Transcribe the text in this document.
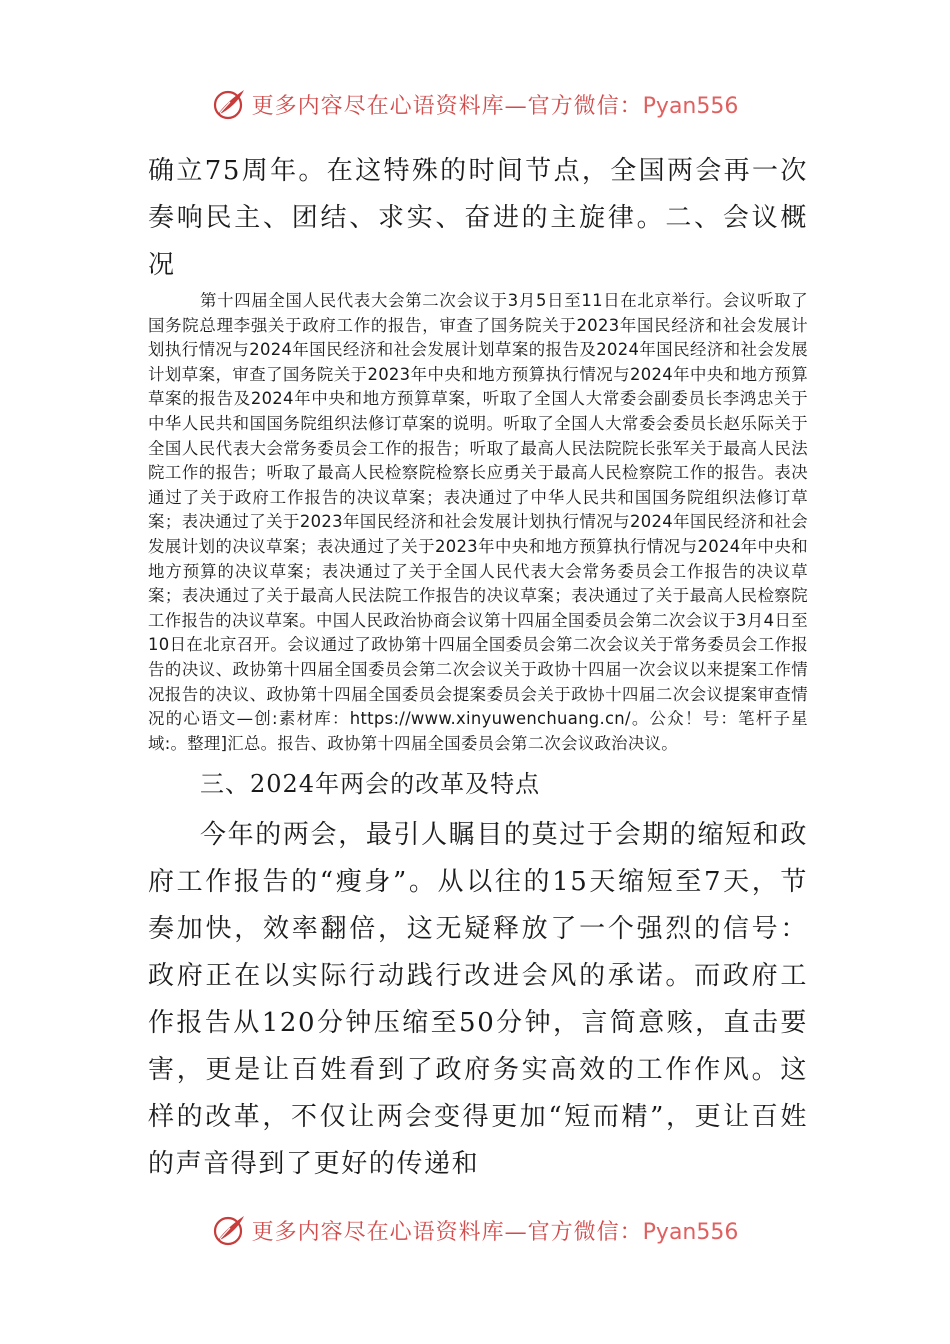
更多内容尽在心语资料库—官方微信：Pyan556

确立75周年。在这特殊的时间节点，全国两会再一次奏响民主、团结、求实、奋进的主旋律。二、会议概况

第十四届全国人民代表大会第二次会议于3月5日至11日在北京举行。会议听取了国务院总理李强关于政府工作的报告，审查了国务院关于2023年国民经济和社会发展计划执行情况与2024年国民经济和社会发展计划草案的报告及2024年国民经济和社会发展计划草案，审查了国务院关于2023年中央和地方预算执行情况与2024年中央和地方预算草案的报告及2024年中央和地方预算草案，听取了全国人大常委会副委员长李鸿忠关于中华人民共和国国务院组织法修订草案的说明。听取了全国人大常委会委员长赵乐际关于全国人民代表大会常务委员会工作的报告；听取了最高人民法院院长张军关于最高人民法院工作的报告；听取了最高人民检察院检察长应勇关于最高人民检察院工作的报告。表决通过了关于政府工作报告的决议草案；表决通过了中华人民共和国国务院组织法修订草案；表决通过了关于2023年国民经济和社会发展计划执行情况与2024年国民经济和社会发展计划的决议草案；表决通过了关于2023年中央和地方预算执行情况与2024年中央和地方预算的决议草案；表决通过了关于全国人民代表大会常务委员会工作报告的决议草案；表决通过了关于最高人民法院工作报告的决议草案；表决通过了关于最高人民检察院工作报告的决议草案。中国人民政治协商会议第十四届全国委员会第二次会议于3月4日至10日在北京召开。会议通过了政协第十四届全国委员会第二次会议关于常务委员会工作报告的决议、政协第十四届全国委员会第二次会议关于政协十四届一次会议以来提案工作情况报告的决议、政协第十四届全国委员会提案委员会关于政协十四届二次会议提案审查情况的心语文—创:素材库：https://www.xinyuwenchuang.cn/。公众！号：笔杆子星域:。整理]汇总。报告、政协第十四届全国委员会第二次会议政治决议。

三、2024年两会的改革及特点

今年的两会，最引人瞩目的莫过于会期的缩短和政府工作报告的“瘦身”。从以往的15天缩短至7天，节奏加快，效率翻倍，这无疑释放了一个强烈的信号：政府正在以实际行动践行改进会风的承诺。而政府工作报告从120分钟压缩至50分钟，言简意赅，直击要害，更是让百姓看到了政府务实高效的工作作风。这样的改革，不仅让两会变得更加“短而精”，更让百姓的声音得到了更好的传递和

更多内容尽在心语资料库—官方微信：Pyan556
